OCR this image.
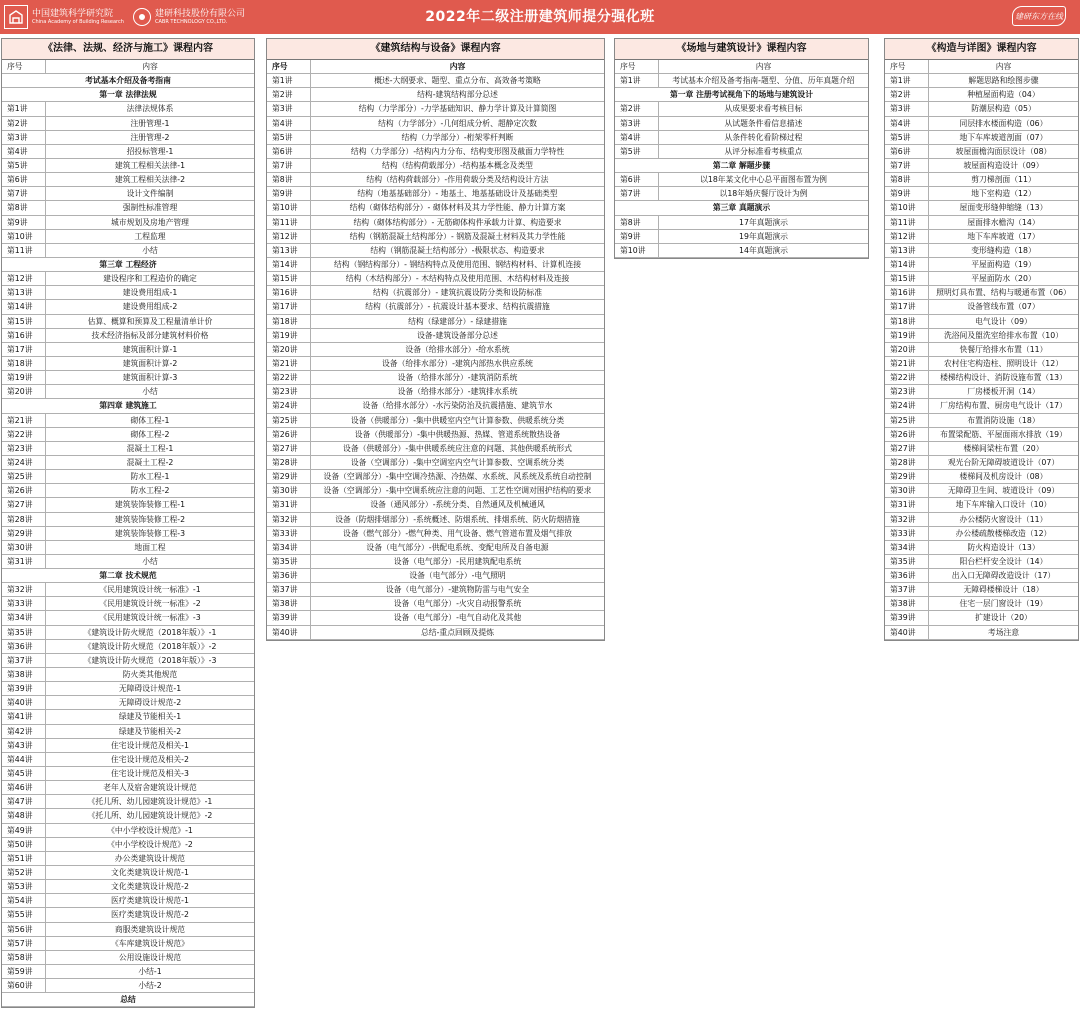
中国建筑科学研究院
China Academy of Building Research
建研科技股份有限公司
CABR TECHNOLOGY CO.,LTD.	2022年二级注册建筑师提分强化班	建研东方在线
《法律、法规、经济与施工》课程内容
序号	内容
考试基本介绍及备考指南
第一章 法律法规
第1讲	法律法规体系
第2讲	注册管理-1
第3讲	注册管理-2
第4讲	招投标管理-1
第5讲	建筑工程相关法律-1
第6讲	建筑工程相关法律-2
第7讲	设计文件编制
第8讲	强制性标准管理
第9讲	城市规划及房地产管理
第10讲	工程监理
第11讲	小结
第三章 工程经济
第12讲	建设程序和工程造价的确定
第13讲	建设费用组成-1
第14讲	建设费用组成-2
第15讲	估算、概算和预算及工程量清单计价
第16讲	技术经济指标及部分建筑材料价格
第17讲	建筑面积计算-1
第18讲	建筑面积计算-2
第19讲	建筑面积计算-3
第20讲	小结
第四章 建筑施工
第21讲	砌体工程-1
第22讲	砌体工程-2
第23讲	混凝土工程-1
第24讲	混凝土工程-2
第25讲	防水工程-1
第26讲	防水工程-2
第27讲	建筑装饰装修工程-1
第28讲	建筑装饰装修工程-2
第29讲	建筑装饰装修工程-3
第30讲	地面工程
第31讲	小结
第二章 技术规范
第32讲	《民用建筑设计统一标准》-1
第33讲	《民用建筑设计统一标准》-2
第34讲	《民用建筑设计统一标准》-3
第35讲	《建筑设计防火规范（2018年版）》-1
第36讲	《建筑设计防火规范（2018年版）》-2
第37讲	《建筑设计防火规范（2018年版）》-3
第38讲	防火类其他规范
第39讲	无障碍设计规范-1
第40讲	无障碍设计规范-2
第41讲	绿建及节能相关-1
第42讲	绿建及节能相关-2
第43讲	住宅设计规范及相关-1
第44讲	住宅设计规范及相关-2
第45讲	住宅设计规范及相关-3
第46讲	老年人及宿舍建筑设计规范
第47讲	《托儿所、幼儿园建筑设计规范》-1
第48讲	《托儿所、幼儿园建筑设计规范》-2
第49讲	《中小学校设计规范》-1
第50讲	《中小学校设计规范》-2
第51讲	办公类建筑设计规范
第52讲	文化类建筑设计规范-1
第53讲	文化类建筑设计规范-2
第54讲	医疗类建筑设计规范-1
第55讲	医疗类建筑设计规范-2
第56讲	商服类建筑设计规范
第57讲	《车库建筑设计规范》
第58讲	公用设施设计规范
第59讲	小结-1
第60讲	小结-2
总结
《建筑结构与设备》课程内容
序号	内容
第1讲	概述-大纲要求、题型、重点分布、高效备考策略
第2讲	结构-建筑结构部分总述
第3讲	结构（力学部分）-力学基础知识、静力学计算及计算简图
第4讲	结构（力学部分）-几何组成分析、超静定次数
第5讲	结构（力学部分）-桁架零杆判断
第6讲	结构（力学部分）-结构内力分布、结构变形图及截面力学特性
第7讲	结构（结构荷载部分）-结构基本概念及类型
第8讲	结构（结构荷载部分）-作用荷载分类及结构设计方法
第9讲	结构（地基基础部分）- 地基土、地基基础设计及基础类型
第10讲	结构（砌体结构部分）- 砌体材料及其力学性能、静力计算方案
第11讲	结构（砌体结构部分）- 无筋砌体构件承载力计算、构造要求
第12讲	结构（钢筋混凝土结构部分）- 钢筋及混凝土材料及其力学性能
第13讲	结构（钢筋混凝土结构部分）-极限状态、构造要求
第14讲	结构（钢结构部分）- 钢结构特点及使用范围、钢结构材料、计算机连接
第15讲	结构（木结构部分）- 木结构特点及使用范围、木结构材料及连接
第16讲	结构（抗震部分）- 建筑抗震设防分类和设防标准
第17讲	结构（抗震部分）- 抗震设计基本要求、结构抗震措施
第18讲	结构（绿建部分）- 绿建措施
第19讲	设备-建筑设备部分总述
第20讲	设备（给排水部分）-给水系统
第21讲	设备（给排水部分）-建筑内部热水供应系统
第22讲	设备（给排水部分）-建筑消防系统
第23讲	设备（给排水部分）-建筑排水系统
第24讲	设备（给排水部分）-水污染防治及抗震措施、建筑节水
第25讲	设备（供暖部分）-集中供暖室内空气计算参数、供暖系统分类
第26讲	设备（供暖部分）-集中供暖热源、热媒、管道系统散热设备
第27讲	设备（供暖部分）-集中供暖系统应注意的问题、其他供暖系统形式
第28讲	设备（空调部分）-集中空调室内空气计算参数、空调系统分类
第29讲	设备（空调部分）-集中空调冷热源、冷热媒、水系统、风系统及系统自动控制
第30讲	设备（空调部分）-集中空调系统应注意的问题、工艺性空调对围护结构的要求
第31讲	设备（通风部分）-系统分类、自然通风及机械通风
第32讲	设备（防烟排烟部分）-系统概述、防烟系统、排烟系统、防火防烟措施
第33讲	设备（燃气部分）-燃气种类、用气设备、燃气管道布置及烟气排放
第34讲	设备（电气部分）-供配电系统、变配电所及自备电源
第35讲	设备（电气部分）-民用建筑配电系统
第36讲	设备（电气部分）-电气照明
第37讲	设备（电气部分）-建筑物防雷与电气安全
第38讲	设备（电气部分）-火灾自动报警系统
第39讲	设备（电气部分）-电气自动化及其他
第40讲	总结-重点回顾及提炼
《场地与建筑设计》课程内容
序号	内容
第1讲	考试基本介绍及备考指南-题型、分值、历年真题介绍
第一章 注册考试视角下的场地与建筑设计
第2讲	从成果要求看考核目标
第3讲	从试题条件看信息描述
第4讲	从条件转化看阶梯过程
第5讲	从评分标准看考核重点
第二章 解题步骤
第6讲	以18年某文化中心总平面图布置为例
第7讲	以18年婚庆餐厅设计为例
第三章 真题演示
第8讲	17年真题演示
第9讲	19年真题演示
第10讲	14年真题演示
《构造与详图》课程内容
序号	内容
第1讲	解题思路和绘图步骤
第2讲	种植屋面构造（04）
第3讲	防潮层构造（05）
第4讲	同层排水楼面构造（06）
第5讲	地下车库坡道剖面（07）
第6讲	坡屋面檐沟面层设计（08）
第7讲	坡屋面构造设计（09）
第8讲	剪刀梯剖面（11）
第9讲	地下室构造（12）
第10讲	屋面变形缝伸缩缝（13）
第11讲	屋面排水檐沟（14）
第12讲	地下车库坡道（17）
第13讲	变形缝构造（18）
第14讲	平屋面构造（19）
第15讲	平屋面防水（20）
第16讲	照明灯具布置、结构与暖通布置（06）
第17讲	设备管线布置（07）
第18讲	电气设计（09）
第19讲	洗浴间及盥洗室给排水布置（10）
第20讲	快餐厅给排水布置（11）
第21讲	农村住宅构造柱、照明设计（12）
第22讲	楼梯结构设计、消防设施布置（13）
第23讲	厂房楼板开洞（14）
第24讲	厂房结构布置、厨房电气设计（17）
第25讲	布置消防设施（18）
第26讲	布置梁配筋、平屋面雨水排放（19）
第27讲	楼梯间梁柱布置（20）
第28讲	观光台阶无障碍坡道设计（07）
第29讲	楼梯间及机房设计（08）
第30讲	无障碍卫生间、坡道设计（09）
第31讲	地下车库输入口设计（10）
第32讲	办公楼防火窗设计（11）
第33讲	办公楼疏散楼梯改造（12）
第34讲	防火构造设计（13）
第35讲	阳台栏杆安全设计（14）
第36讲	出入口无障碍改造设计（17）
第37讲	无障碍楼梯设计（18）
第38讲	住宅一层门窗设计（19）
第39讲	扩建设计（20）
第40讲	考场注意
